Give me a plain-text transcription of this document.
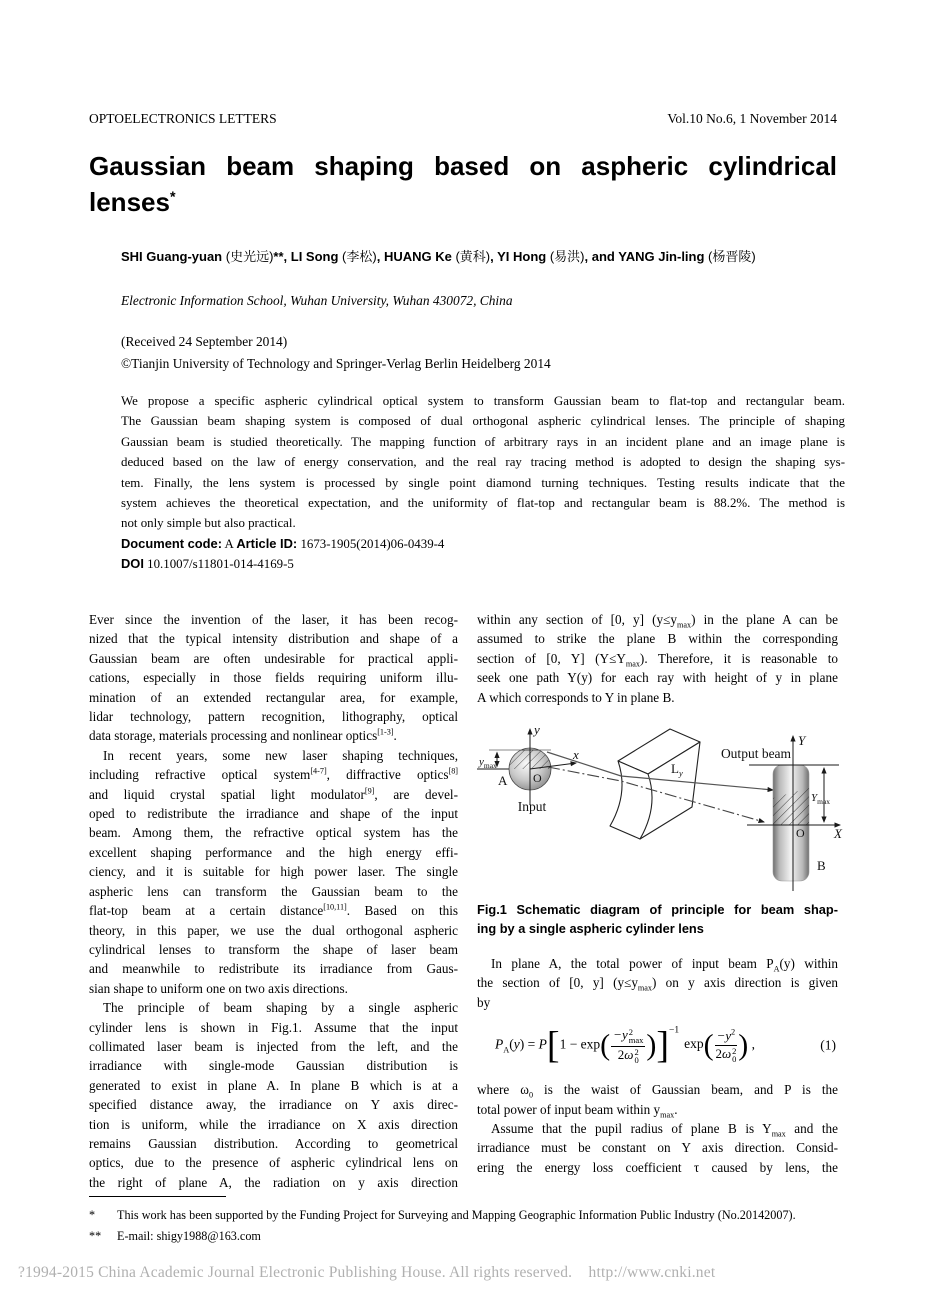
OPTOELECTRONICS LETTERS	Vol.10 No.6, 1 November 2014
Gaussian beam shaping based on aspheric cylindrical
lenses*
SHI Guang-yuan (史光远)**, LI Song (李松), HUANG Ke (黄科), YI Hong (易洪), and YANG Jin-ling (杨晋陵)
Electronic Information School, Wuhan University, Wuhan 430072, China
(Received 24 September 2014)
©Tianjin University of Technology and Springer-Verlag Berlin Heidelberg 2014
We propose a specific aspheric cylindrical optical system to transform Gaussian beam to flat-top and rectangular beam.
The Gaussian beam shaping system is composed of dual orthogonal aspheric cylindrical lenses. The principle of shaping
Gaussian beam is studied theoretically. The mapping function of arbitrary rays in an incident plane and an image plane is
deduced based on the law of energy conservation, and the real ray tracing method is adopted to design the shaping sys-
tem. Finally, the lens system is processed by single point diamond turning techniques. Testing results indicate that the
system achieves the theoretical expectation, and the uniformity of flat-top and rectangular beam is 88.2%. The method is
not only simple but also practical.
Document code: A Article ID: 1673-1905(2014)06-0439-4
DOI 10.1007/s11801-014-4169-5
Ever since the invention of the laser, it has been recog-
nized that the typical intensity distribution and shape of a
Gaussian beam are often undesirable for practical appli-
cations, especially in those fields requiring uniform illu-
mination of an extended rectangular area, for example,
lidar technology, pattern recognition, lithography, optical
data storage, materials processing and nonlinear optics[1-3].
In recent years, some new laser shaping techniques,
including refractive optical system[4-7], diffractive optics[8]
and liquid crystal spatial light modulator[9], are devel-
oped to redistribute the irradiance and shape of the input
beam. Among them, the refractive optical system has the
excellent shaping performance and the high energy effi-
ciency, and it is suitable for high power laser. The single
aspheric lens can transform the Gaussian beam to the
flat-top beam at a certain distance[10,11]. Based on this
theory, in this paper, we use the dual orthogonal aspheric
cylindrical lenses to transform the shape of laser beam
and meanwhile to redistribute its irradiance from Gaus-
sian shape to uniform one on two axis directions.
The principle of beam shaping by a single aspheric
cylinder lens is shown in Fig.1. Assume that the input
collimated laser beam is injected from the left, and the
irradiance with single-mode Gaussian distribution is
generated to exist in plane A. In plane B which is at a
specified distance away, the irradiance on Y axis direc-
tion is uniform, while the irradiance on X axis direction
remains Gaussian distribution. According to geometrical
optics, due to the presence of aspheric cylindrical lens on
the right of plane A, the radiation on y axis direction
within any section of [0, y] $(y\le y_{max})$ in the plane A can be
assumed to strike the plane B within the corresponding
section of [0, Y] $(Y\le Y_{max})$. Therefore, it is reasonable to
seek one path Y(y) for each ray with height of y in plane
A which corresponds to Y in plane B.
y
x
O
A
Input
$y_{max}$	$L_y$
Output beam
Y
X
O
B
$Y_{max}$
Fig.1 Schematic diagram of principle for beam shap-
ing by a single aspheric cylinder lens
In plane A, the total power of input beam $P_A(y)$ within
the section of [0, y] $(y\le y_{max})$ on y axis direction is given
by
$P_A(y) = P[1 - \exp( -y$ 2
max
2ω 2
0 )]$^{-1}\exp( -y^2$
2ω 2
0 ) ,	(1)
where $\omega_0$ is the waist of Gaussian beam, and P is the
total power of input beam within $y_{max}$.
Assume that the pupil radius of plane B is $Y_{max}$ and the
irradiance must be constant on Y axis direction. Consid-
ering the energy loss coefficient τ caused by lens, the
*	This work has been supported by the Funding Project for Surveying and Mapping Geographic Information Public Industry (No.20142007).
**	E-mail: shigy1988@163.com
?1994-2015 China Academic Journal Electronic Publishing House. All rights reserved.    http://www.cnki.net
